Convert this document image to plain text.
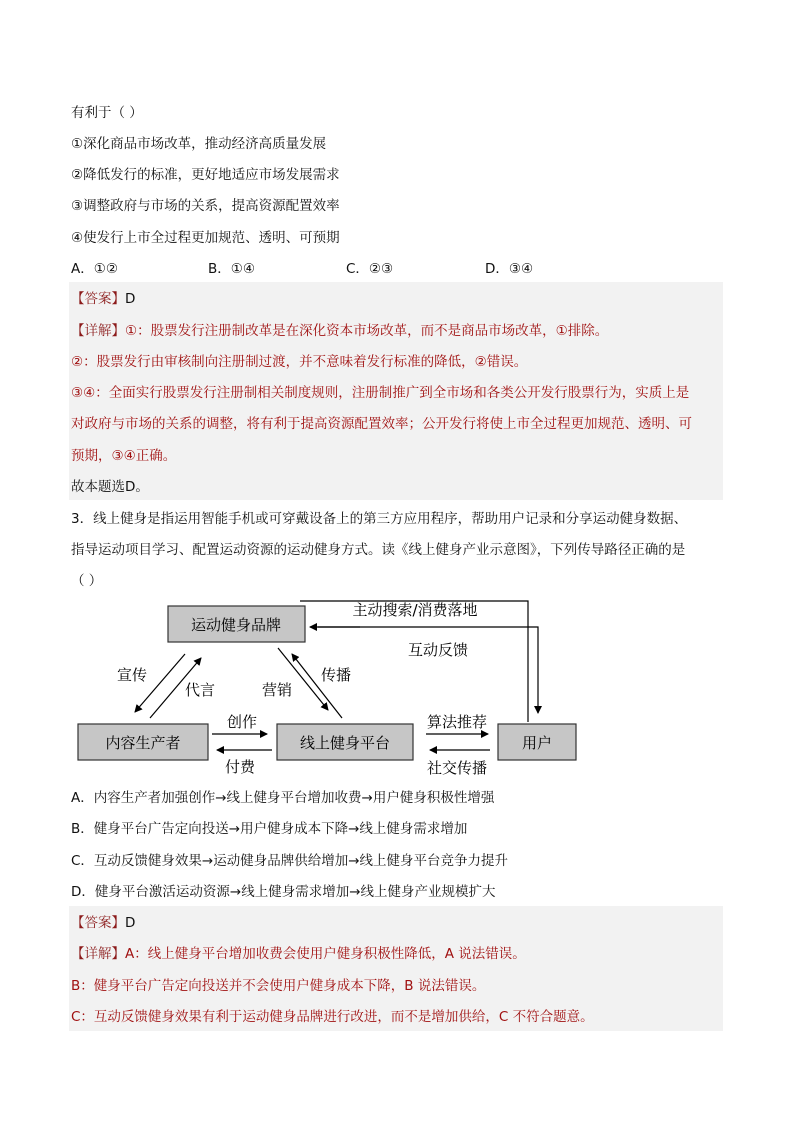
有利于（ ）
①深化商品市场改革，推动经济高质量发展
②降低发行的标准，更好地适应市场发展需求
③调整政府与市场的关系，提高资源配置效率
④使发行上市全过程更加规范、透明、可预期
A．①②	B．①④	C．②③	D．③④
【答案】D
【详解】①：股票发行注册制改革是在深化资本市场改革，而不是商品市场改革，①排除。
②：股票发行由审核制向注册制过渡，并不意味着发行标准的降低，②错误。
③④：全面实行股票发行注册制相关制度规则，注册制推广到全市场和各类公开发行股票行为，实质上是
对政府与市场的关系的调整，将有利于提高资源配置效率；公开发行将使上市全过程更加规范、透明、可
预期，③④正确。
故本题选D。
3．线上健身是指运用智能手机或可穿戴设备上的第三方应用程序，帮助用户记录和分享运动健身数据、
指导运动项目学习、配置运动资源的运动健身方式。读《线上健身产业示意图》，下列传导路径正确的是
（ ）
运动健身品牌
内容生产者	线上健身平台	用户
主动搜索/消费落地
互动反馈
宣传
代言	营销
传播
创作
付费
算法推荐
社交传播
A．内容生产者加强创作→线上健身平台增加收费→用户健身积极性增强
B．健身平台广告定向投送→用户健身成本下降→线上健身需求增加
C．互动反馈健身效果→运动健身品牌供给增加→线上健身平台竞争力提升
D．健身平台激活运动资源→线上健身需求增加→线上健身产业规模扩大
【答案】D
【详解】A：线上健身平台增加收费会使用户健身积极性降低，A 说法错误。
B：健身平台广告定向投送并不会使用户健身成本下降，B 说法错误。
C：互动反馈健身效果有利于运动健身品牌进行改进，而不是增加供给，C 不符合题意。
